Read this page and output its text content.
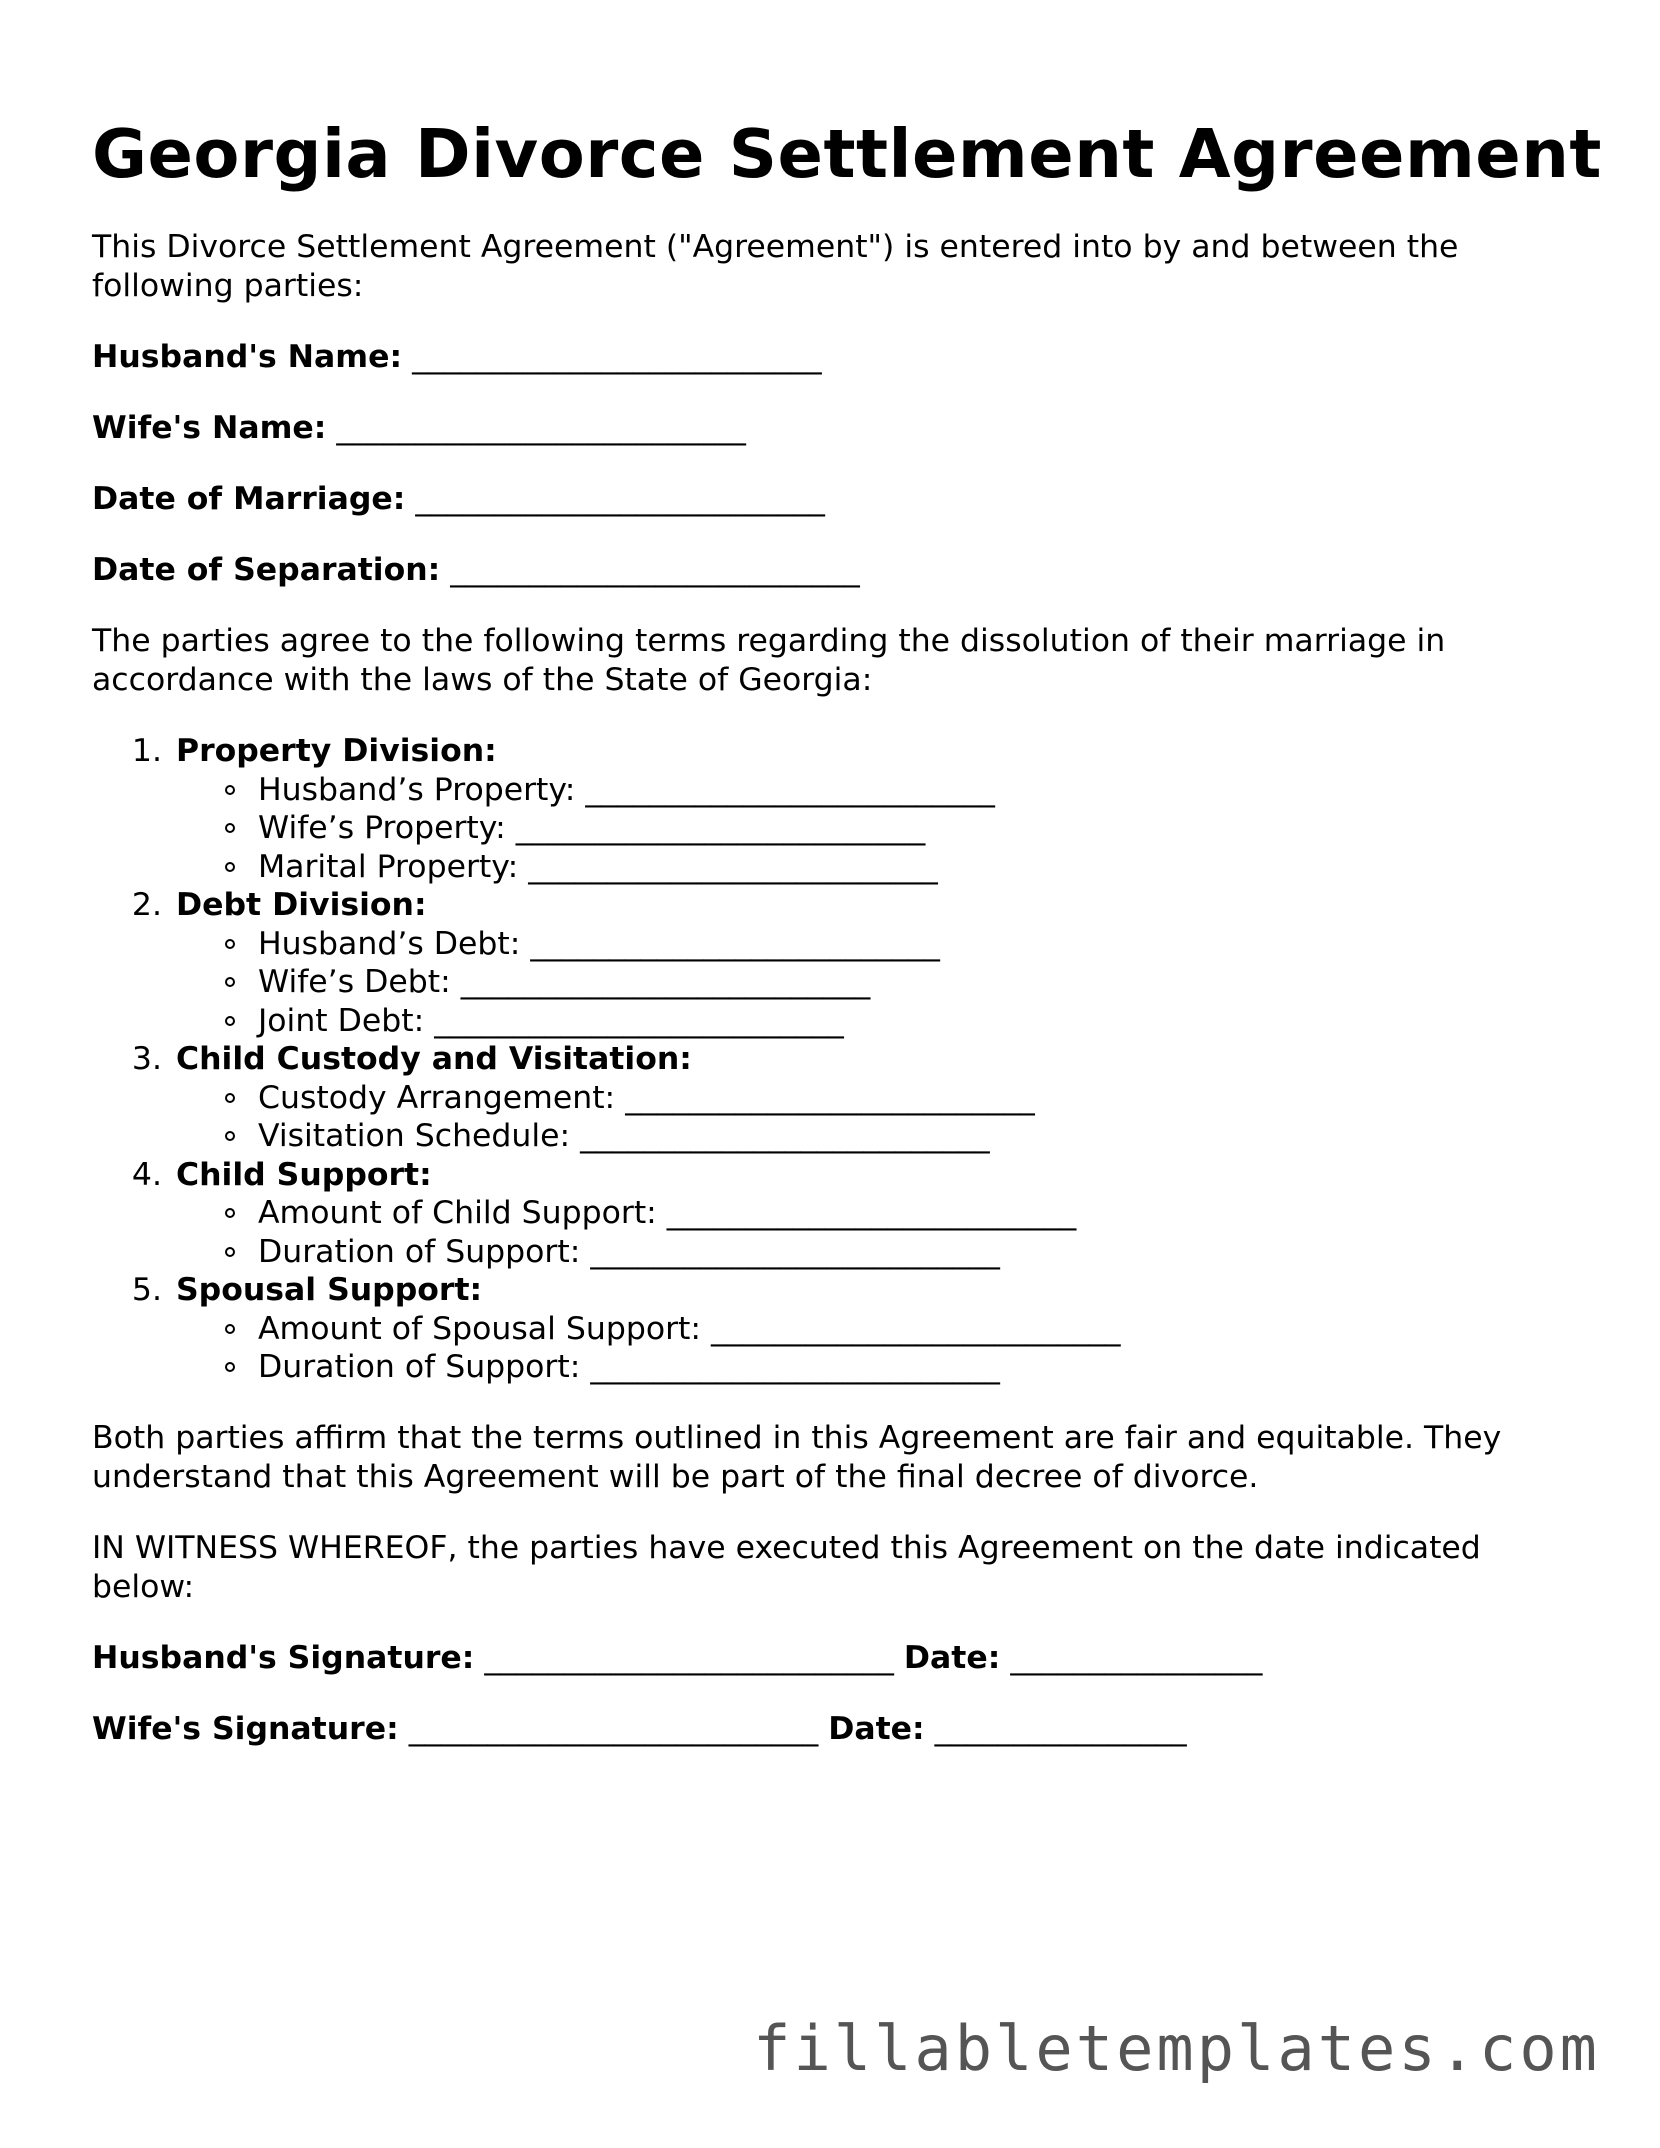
Georgia Divorce Settlement Agreement

This Divorce Settlement Agreement ("Agreement") is entered into by and between the following parties:

Husband's Name: __________________________
Wife's Name: __________________________
Date of Marriage: __________________________
Date of Separation: __________________________

The parties agree to the following terms regarding the dissolution of their marriage in accordance with the laws of the State of Georgia:

1. Property Division:
Husband’s Property: __________________________
Wife’s Property: __________________________
Marital Property: __________________________
2. Debt Division:
Husband’s Debt: __________________________
Wife’s Debt: __________________________
Joint Debt: __________________________
3. Child Custody and Visitation:
Custody Arrangement: __________________________
Visitation Schedule: __________________________
4. Child Support:
Amount of Child Support: __________________________
Duration of Support: __________________________
5. Spousal Support:
Amount of Spousal Support: __________________________
Duration of Support: __________________________

Both parties affirm that the terms outlined in this Agreement are fair and equitable. They understand that this Agreement will be part of the final decree of divorce.

IN WITNESS WHEREOF, the parties have executed this Agreement on the date indicated below:

Husband's Signature: __________________________ Date: ________________
Wife's Signature: __________________________ Date: ________________
fillabletemplates.com
